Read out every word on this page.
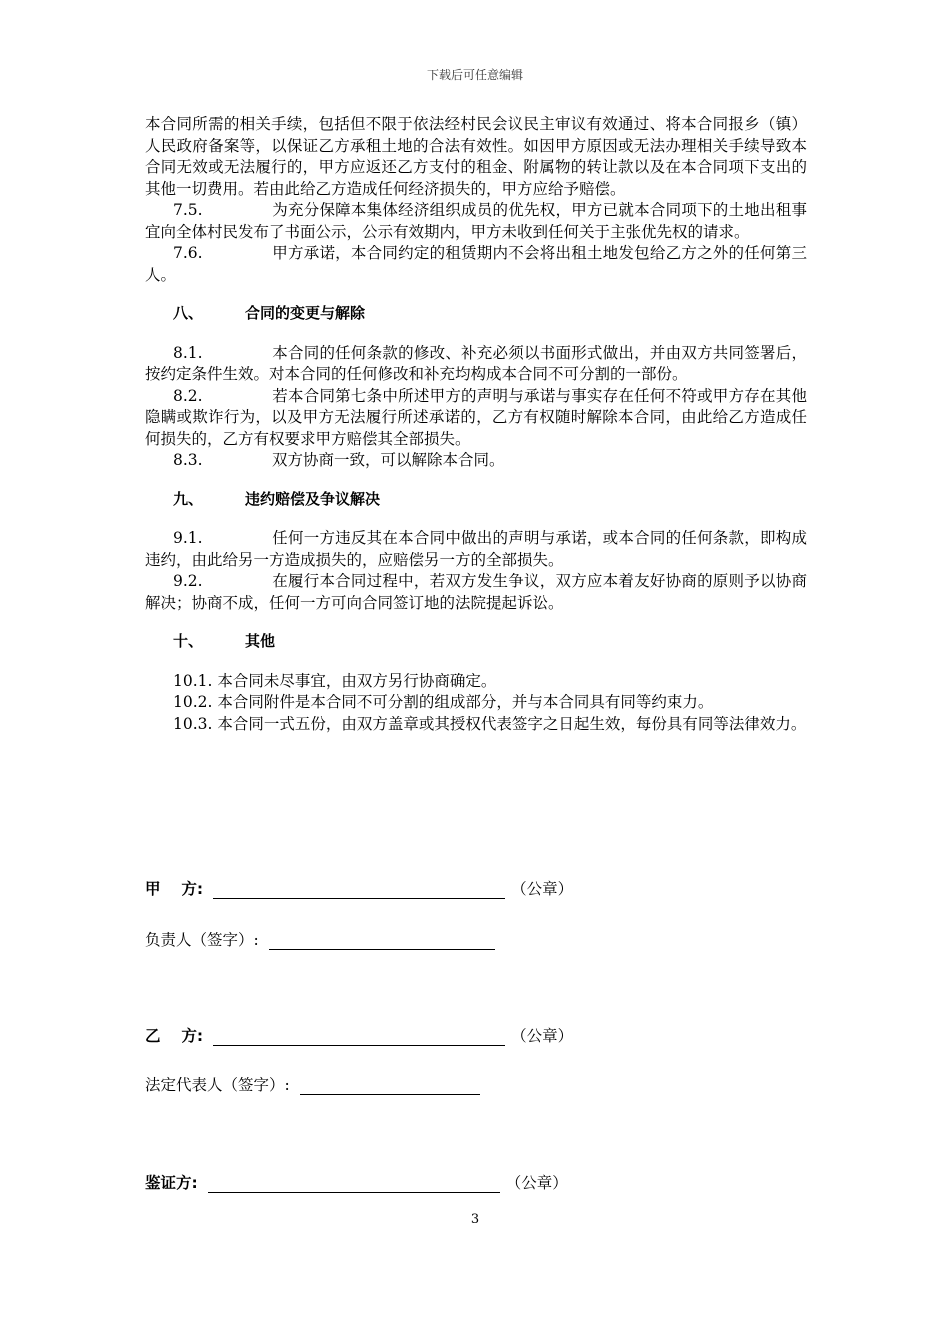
下载后可任意编辑

本合同所需的相关手续，包括但不限于依法经村民会议民主审议有效通过、将本合同报乡（镇）人民政府备案等，以保证乙方承租土地的合法有效性。如因甲方原因或无法办理相关手续导致本合同无效或无法履行的，甲方应返还乙方支付的租金、附属物的转让款以及在本合同项下支出的其他一切费用。若由此给乙方造成任何经济损失的，甲方应给予赔偿。

7.5.	为充分保障本集体经济组织成员的优先权，甲方已就本合同项下的土地出租事宜向全体村民发布了书面公示，公示有效期内，甲方未收到任何关于主张优先权的请求。

7.6.	甲方承诺，本合同约定的租赁期内不会将出租土地发包给乙方之外的任何第三人。

八、	合同的变更与解除

8.1.	本合同的任何条款的修改、补充必须以书面形式做出，并由双方共同签署后，按约定条件生效。对本合同的任何修改和补充均构成本合同不可分割的一部份。

8.2.	若本合同第七条中所述甲方的声明与承诺与事实存在任何不符或甲方存在其他隐瞒或欺诈行为，以及甲方无法履行所述承诺的，乙方有权随时解除本合同，由此给乙方造成任何损失的，乙方有权要求甲方赔偿其全部损失。

8.3.	双方协商一致，可以解除本合同。

九、	违约赔偿及争议解决

9.1.	任何一方违反其在本合同中做出的声明与承诺，或本合同的任何条款，即构成违约，由此给另一方造成损失的，应赔偿另一方的全部损失。

9.2.	在履行本合同过程中，若双方发生争议，双方应本着友好协商的原则予以协商解决；协商不成，任何一方可向合同签订地的法院提起诉讼。

十、	其他

10.1. 本合同未尽事宜，由双方另行协商确定。

10.2. 本合同附件是本合同不可分割的组成部分，并与本合同具有同等约束力。

10.3. 本合同一式五份，由双方盖章或其授权代表签字之日起生效，每份具有同等法律效力。

甲　 方:	（公章）
负责人（签字）:
乙　 方:	（公章）
法定代表人（签字）:
鉴证方:	（公章）
3
